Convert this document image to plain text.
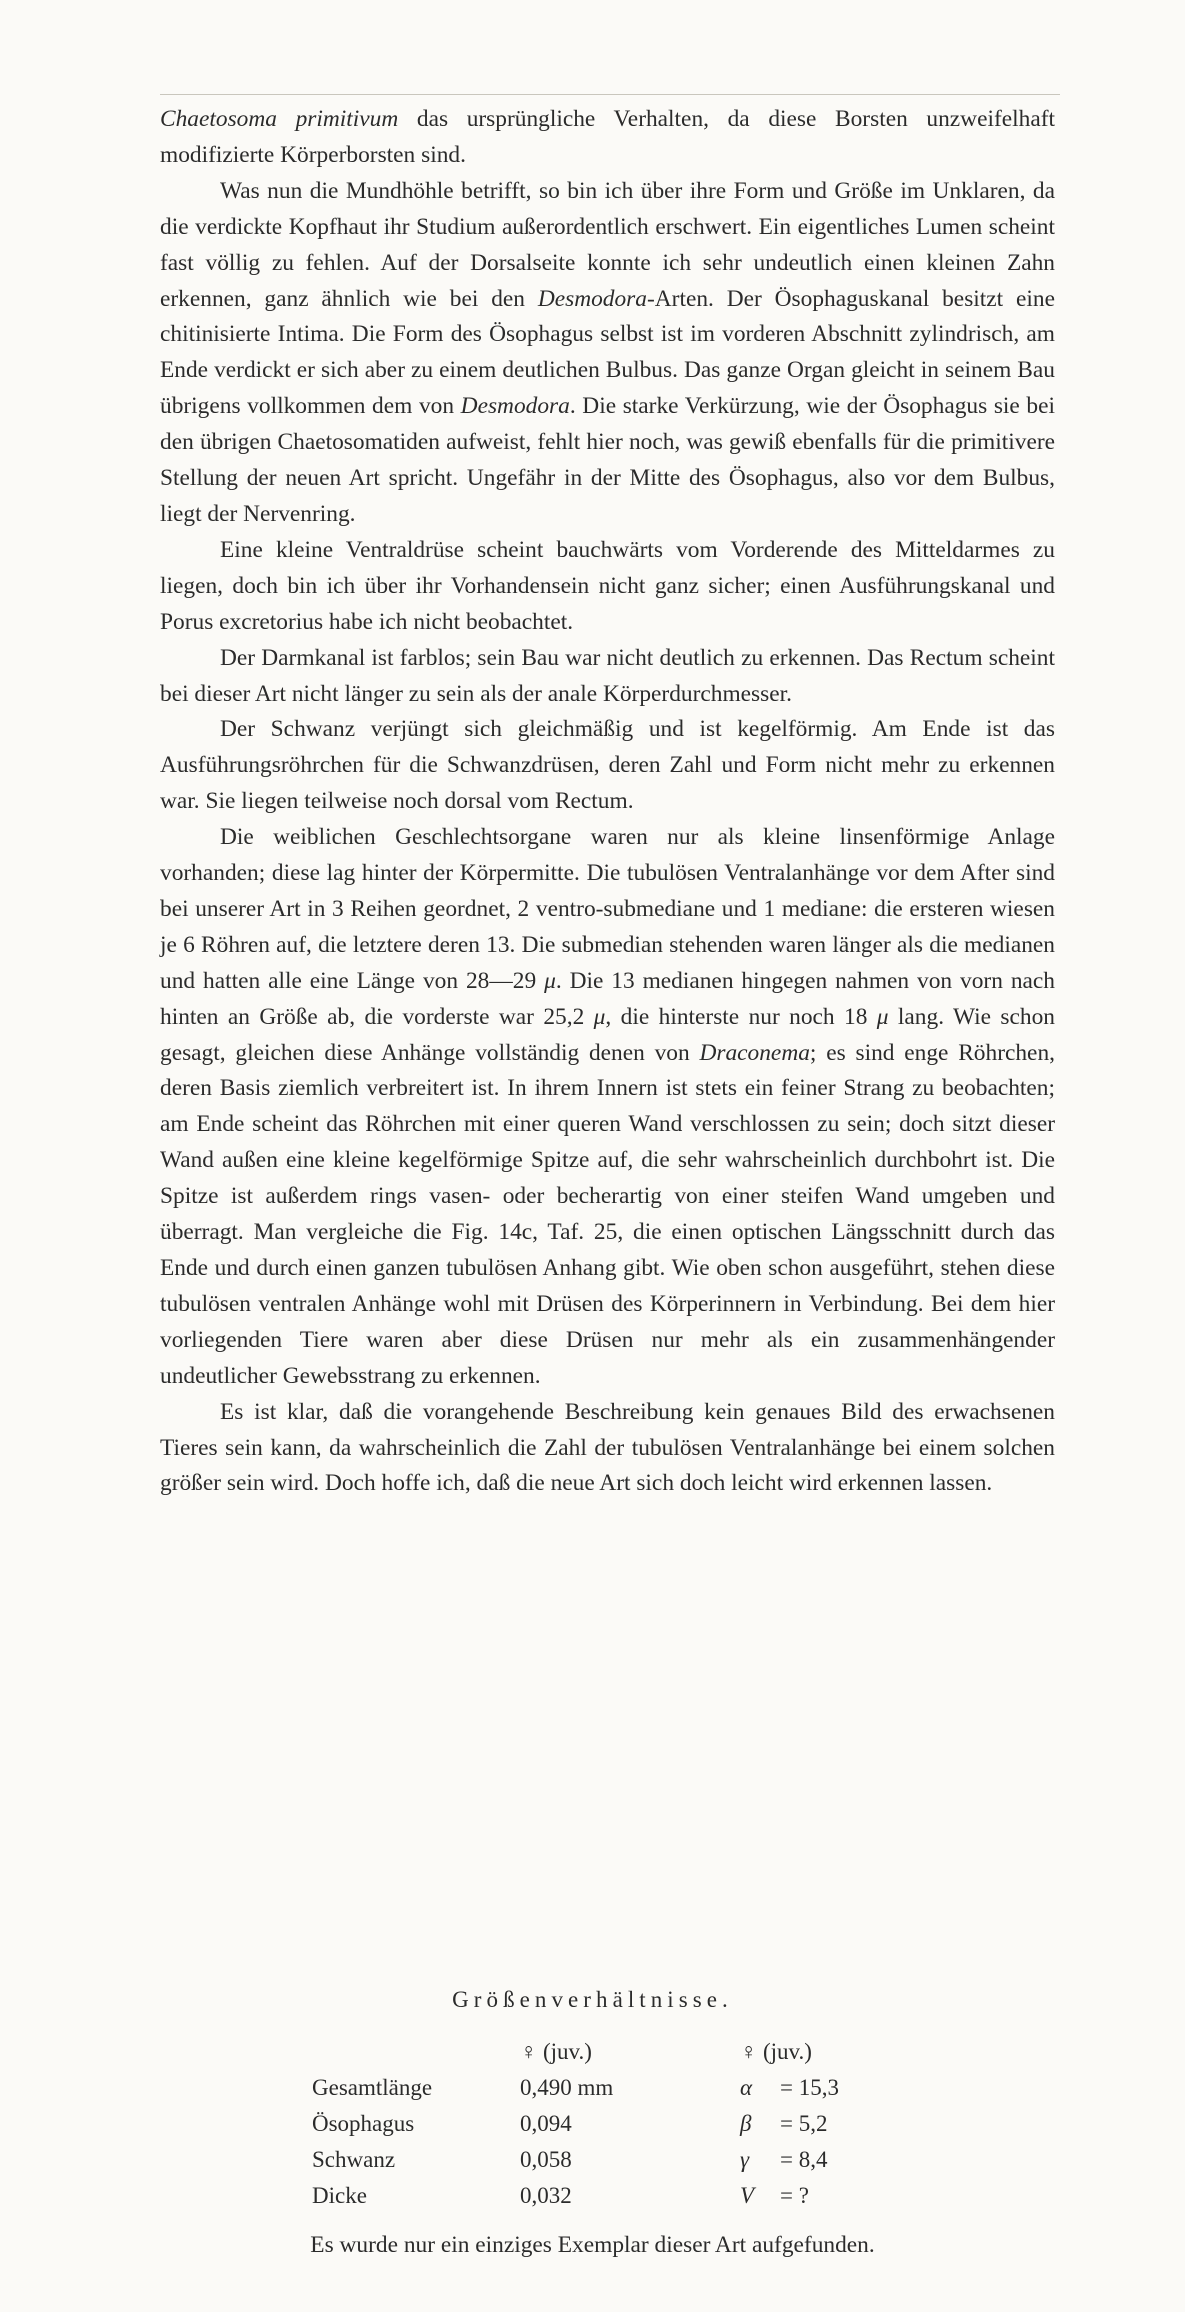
Chaetosoma primitivum das ursprüngliche Verhalten, da diese Borsten unzweifelhaft modifizierte Körperborsten sind.

Was nun die Mundhöhle betrifft, so bin ich über ihre Form und Größe im Unklaren, da die verdickte Kopfhaut ihr Studium außerordentlich erschwert. Ein eigentliches Lumen scheint fast völlig zu fehlen. Auf der Dorsalseite konnte ich sehr undeutlich einen kleinen Zahn erkennen, ganz ähnlich wie bei den Desmodora-Arten. Der Ösophaguskanal besitzt eine chitinisierte Intima. Die Form des Ösophagus selbst ist im vorderen Abschnitt zylindrisch, am Ende verdickt er sich aber zu einem deutlichen Bulbus. Das ganze Organ gleicht in seinem Bau übrigens vollkommen dem von Desmodora. Die starke Verkürzung, wie der Ösophagus sie bei den übrigen Chaetosomatiden aufweist, fehlt hier noch, was gewiß ebenfalls für die primitivere Stellung der neuen Art spricht. Ungefähr in der Mitte des Ösophagus, also vor dem Bulbus, liegt der Nervenring.

Eine kleine Ventraldrüse scheint bauchwärts vom Vorderende des Mitteldarmes zu liegen, doch bin ich über ihr Vorhandensein nicht ganz sicher; einen Ausführungskanal und Porus excretorius habe ich nicht beobachtet.

Der Darmkanal ist farblos; sein Bau war nicht deutlich zu erkennen. Das Rectum scheint bei dieser Art nicht länger zu sein als der anale Körperdurchmesser.

Der Schwanz verjüngt sich gleichmäßig und ist kegelförmig. Am Ende ist das Ausführungsröhrchen für die Schwanzdrüsen, deren Zahl und Form nicht mehr zu erkennen war. Sie liegen teilweise noch dorsal vom Rectum.

Die weiblichen Geschlechtsorgane waren nur als kleine linsenförmige Anlage vorhanden; diese lag hinter der Körpermitte. Die tubulösen Ventralanhänge vor dem After sind bei unserer Art in 3 Reihen geordnet, 2 ventro-submediane und 1 mediane: die ersteren wiesen je 6 Röhren auf, die letztere deren 13. Die submedian stehenden waren länger als die medianen und hatten alle eine Länge von 28—29 μ. Die 13 medianen hingegen nahmen von vorn nach hinten an Größe ab, die vorderste war 25,2 μ, die hinterste nur noch 18 μ lang. Wie schon gesagt, gleichen diese Anhänge vollständig denen von Draconema; es sind enge Röhrchen, deren Basis ziemlich verbreitert ist. In ihrem Innern ist stets ein feiner Strang zu beobachten; am Ende scheint das Röhrchen mit einer queren Wand verschlossen zu sein; doch sitzt dieser Wand außen eine kleine kegelförmige Spitze auf, die sehr wahrscheinlich durchbohrt ist. Die Spitze ist außerdem rings vasen- oder becherartig von einer steifen Wand umgeben und überragt. Man vergleiche die Fig. 14c, Taf. 25, die einen optischen Längsschnitt durch das Ende und durch einen ganzen tubulösen Anhang gibt. Wie oben schon ausgeführt, stehen diese tubulösen ventralen Anhänge wohl mit Drüsen des Körperinnern in Verbindung. Bei dem hier vorliegenden Tiere waren aber diese Drüsen nur mehr als ein zusammenhängender undeutlicher Gewebsstrang zu erkennen.

Es ist klar, daß die vorangehende Beschreibung kein genaues Bild des erwachsenen Tieres sein kann, da wahrscheinlich die Zahl der tubulösen Ventralanhänge bei einem solchen größer sein wird. Doch hoffe ich, daß die neue Art sich doch leicht wird erkennen lassen.

Größenverhältnisse.
	♀ (juv.)	♀ (juv.)
Gesamtlänge	0,490 mm	α = 15,3
Ösophagus	0,094	β = 5,2
Schwanz	0,058	γ = 8,4
Dicke	0,032	V = ?
Es wurde nur ein einziges Exemplar dieser Art aufgefunden.
